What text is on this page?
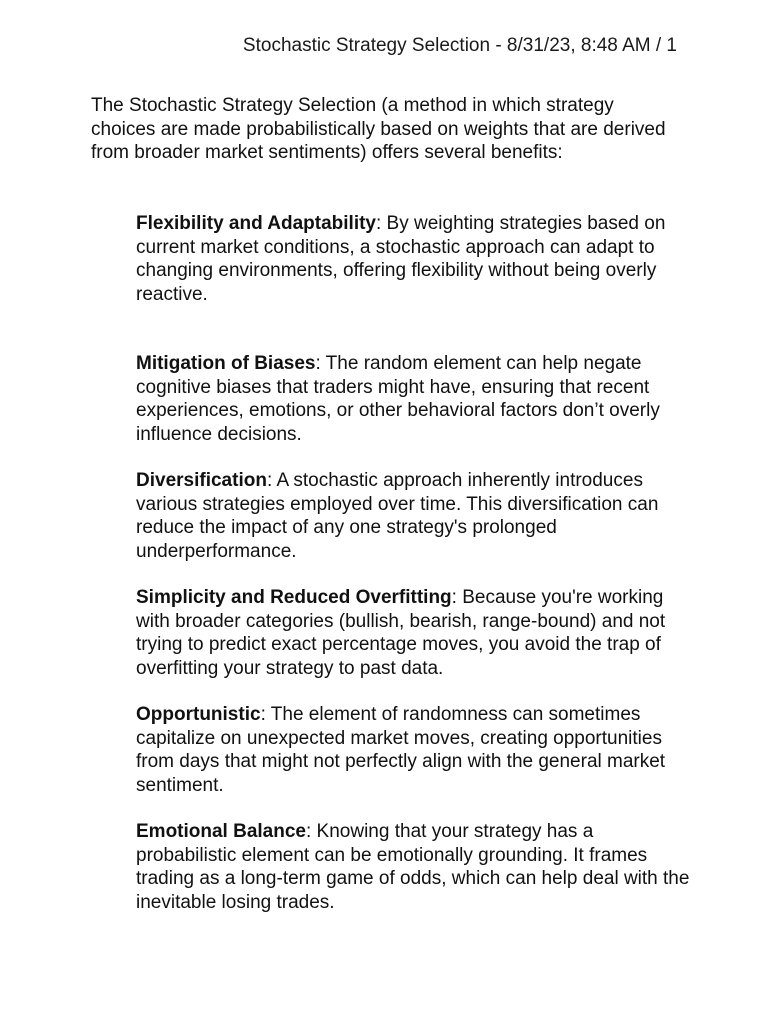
Stochastic Strategy Selection - 8/31/23, 8:48 AM / 1

The Stochastic Strategy Selection (a method in which strategy choices are made probabilistically based on weights that are derived from broader market sentiments) offers several benefits:

Flexibility and Adaptability: By weighting strategies based on current market conditions, a stochastic approach can adapt to changing environments, offering flexibility without being overly reactive.
Mitigation of Biases: The random element can help negate cognitive biases that traders might have, ensuring that recent experiences, emotions, or other behavioral factors don’t overly influence decisions.
Diversification: A stochastic approach inherently introduces various strategies employed over time. This diversification can reduce the impact of any one strategy's prolonged underperformance.
Simplicity and Reduced Overfitting: Because you're working with broader categories (bullish, bearish, range-bound) and not trying to predict exact percentage moves, you avoid the trap of overfitting your strategy to past data.
Opportunistic: The element of randomness can sometimes capitalize on unexpected market moves, creating opportunities from days that might not perfectly align with the general market sentiment.
Emotional Balance: Knowing that your strategy has a probabilistic element can be emotionally grounding. It frames trading as a long-term game of odds, which can help deal with the inevitable losing trades.
